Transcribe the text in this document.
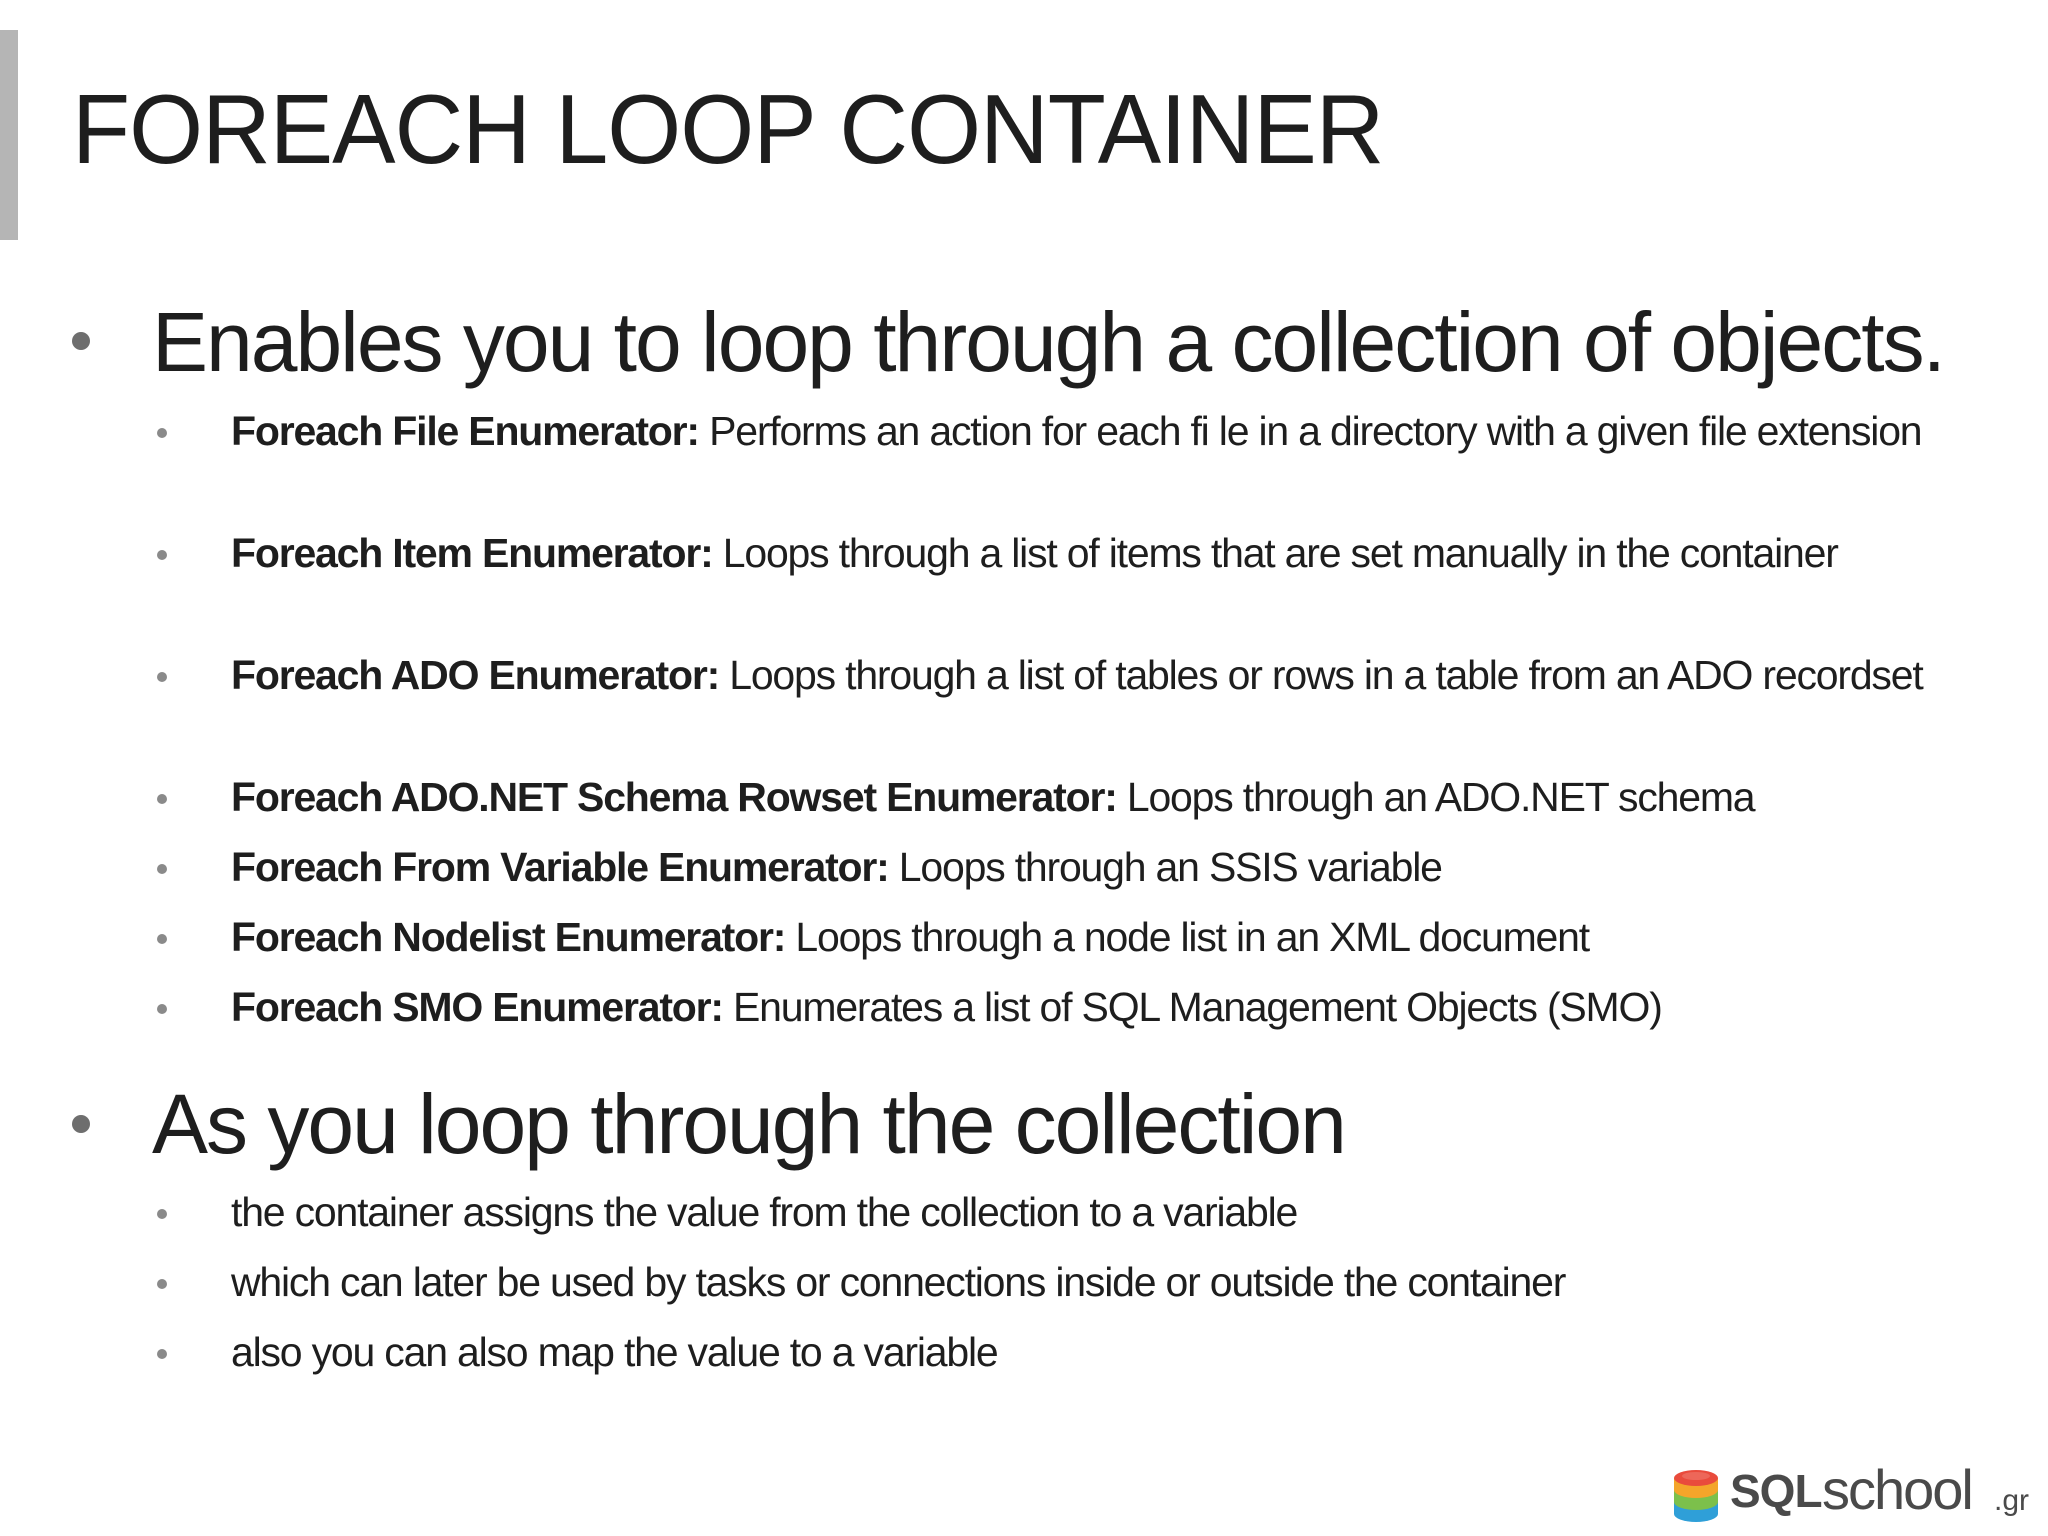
FOREACH LOOP CONTAINER
Enables you to loop through a collection of objects.
Foreach File Enumerator: Performs an action for each fi le in a directory with a given file extension
Foreach Item Enumerator: Loops through a list of items that are set manually in the container
Foreach ADO Enumerator: Loops through a list of tables or rows in a table from an ADO recordset
Foreach ADO.NET Schema Rowset Enumerator: Loops through an ADO.NET schema
Foreach From Variable Enumerator: Loops through an SSIS variable
Foreach Nodelist Enumerator: Loops through a node list in an XML document
Foreach SMO Enumerator: Enumerates a list of SQL Management Objects (SMO)
As you loop through the collection
the container assigns the value from the collection to a variable
which can later be used by tasks or connections inside or outside the container
also you can also map the value to a variable
SQL school .gr
